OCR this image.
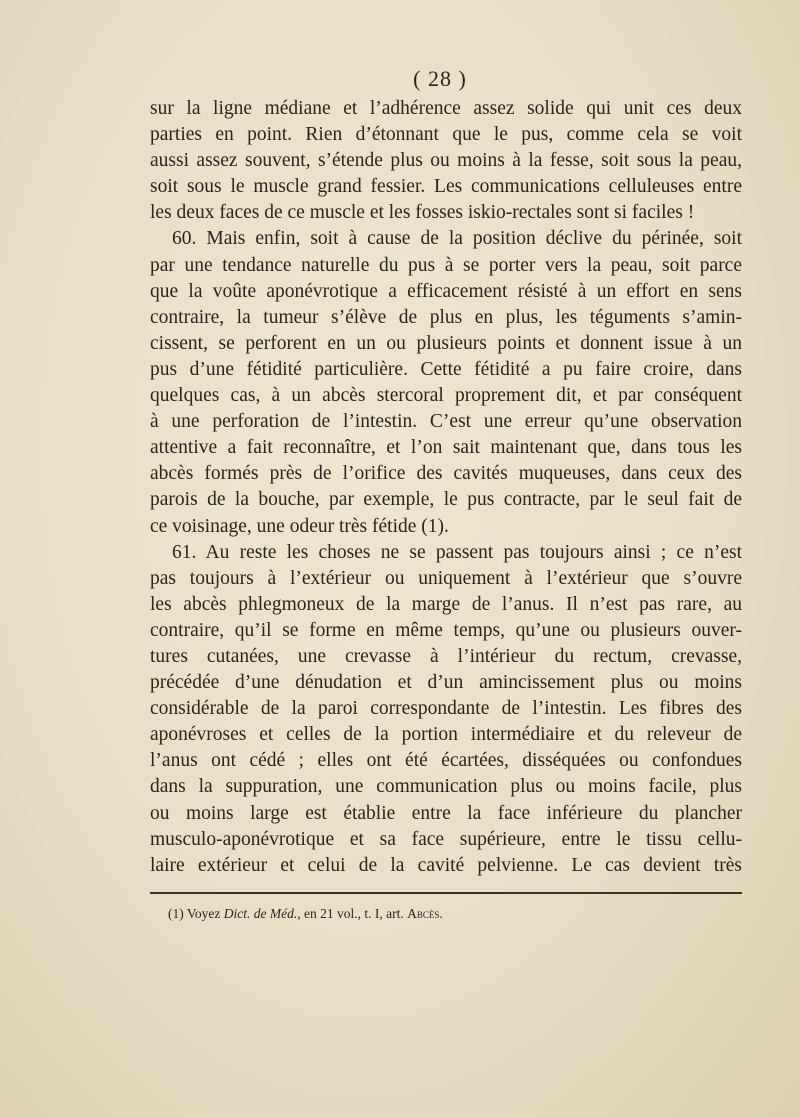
( 28 )
sur la ligne médiane et l’adhérence assez solide qui unit ces deux
parties en point. Rien d’étonnant que le pus, comme cela se voit
aussi assez souvent, s’étende plus ou moins à la fesse, soit sous la peau,
soit sous le muscle grand fessier. Les communications celluleuses entre
les deux faces de ce muscle et les fosses iskio-rectales sont si faciles !
60. Mais enfin, soit à cause de la position déclive du périnée, soit
par une tendance naturelle du pus à se porter vers la peau, soit parce
que la voûte aponévrotique a efficacement résisté à un effort en sens
contraire, la tumeur s’élève de plus en plus, les téguments s’amin-
cissent, se perforent en un ou plusieurs points et donnent issue à un
pus d’une fétidité particulière. Cette fétidité a pu faire croire, dans
quelques cas, à un abcès stercoral proprement dit, et par conséquent
à une perforation de l’intestin. C’est une erreur qu’une observation
attentive a fait reconnaître, et l’on sait maintenant que, dans tous les
abcès formés près de l’orifice des cavités muqueuses, dans ceux des
parois de la bouche, par exemple, le pus contracte, par le seul fait de
ce voisinage, une odeur très fétide (1).
61. Au reste les choses ne se passent pas toujours ainsi ; ce n’est
pas toujours à l’extérieur ou uniquement à l’extérieur que s’ouvre
les abcès phlegmoneux de la marge de l’anus. Il n’est pas rare, au
contraire, qu’il se forme en même temps, qu’une ou plusieurs ouver-
tures cutanées, une crevasse à l’intérieur du rectum, crevasse,
précédée d’une dénudation et d’un amincissement plus ou moins
considérable de la paroi correspondante de l’intestin. Les fibres des
aponévroses et celles de la portion intermédiaire et du releveur de
l’anus ont cédé ; elles ont été écartées, disséquées ou confondues
dans la suppuration, une communication plus ou moins facile, plus
ou moins large est établie entre la face inférieure du plancher
musculo-aponévrotique et sa face supérieure, entre le tissu cellu-
laire extérieur et celui de la cavité pelvienne. Le cas devient très
(1) Voyez Dict. de Méd., en 21 vol., t. I, art. Abcès.
